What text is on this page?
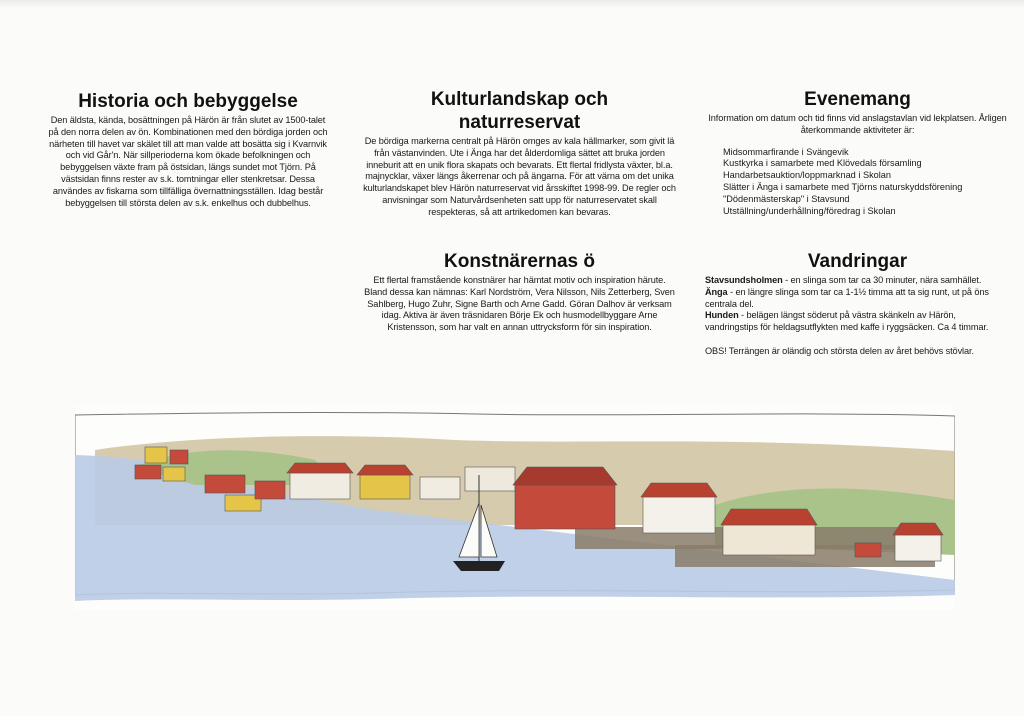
Historia och bebyggelse

Den äldsta, kända, bosättningen på Härön är från slutet av 1500-talet på den norra delen av ön. Kombinationen med den bördiga jorden och närheten till havet var skälet till att man valde att bosätta sig i Kvarnvik och vid Går'n. När sillperioderna kom ökade befolkningen och bebyggelsen växte fram på östsidan, längs sundet mot Tjörn. På västsidan finns rester av s.k. tomtningar eller stenkretsar. Dessa användes av fiskarna som tillfälliga övernattningsställen. Idag består bebyggelsen till största delen av s.k. enkelhus och dubbelhus.

Kulturlandskap och naturreservat

De bördiga markerna centralt på Härön omges av kala hällmarker, som givit lä från västanvinden. Ute i Änga har det ålderdomliga sättet att bruka jorden inneburit att en unik flora skapats och bevarats. Ett flertal fridlysta växter, bl.a. majnycklar, växer längs åkerrenar och på ängarna. För att värna om det unika kulturlandskapet blev Härön naturreservat vid årsskiftet 1998-99. De regler och anvisningar som Naturvårdsenheten satt upp för naturreservatet skall respekteras, så att artrikedomen kan bevaras.

Konstnärernas ö

Ett flertal framstående konstnärer har hämtat motiv och inspiration härute. Bland dessa kan nämnas: Karl Nordström, Vera Nilsson, Nils Zetterberg, Sven Sahlberg, Hugo Zuhr, Signe Barth och Arne Gadd. Göran Dalhov är verksam idag. Aktiva är även träsnidaren Börje Ek och husmodellbyggare Arne Kristensson, som har valt en annan uttrycksform för sin inspiration.

Evenemang

Information om datum och tid finns vid anslagstavlan vid lekplatsen. Årligen återkommande aktiviteter är:

Midsommarfirande i Svängevik
Kustkyrka i samarbete med Klövedals församling
Handarbetsauktion/loppmarknad i Skolan
Slätter i Änga i samarbete med Tjörns naturskyddsförening
"Dödenmästerskap" i Stavsund
Utställning/underhållning/föredrag i Skolan
Vandringar

Stavsundsholmen - en slinga som tar ca 30 minuter, nära samhället.

Änga - en längre slinga som tar ca 1-1½ timma att ta sig runt, ut på öns centrala del.

Hunden - belägen längst söderut på västra skänkeln av Härön, vandringstips för heldagsutflykten med kaffe i ryggsäcken. Ca 4 timmar.

OBS! Terrängen är oländig och största delen av året behövs stövlar.
